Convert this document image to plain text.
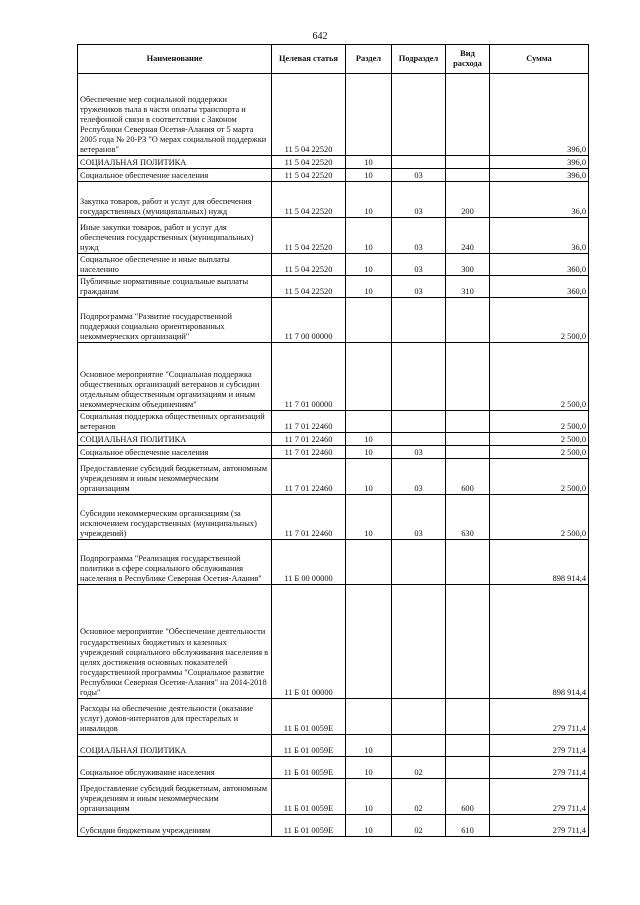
642
Наименование	Целевая статья	Раздел	Подраздел	Вид расхода	Сумма
Обеспечение мер социальной поддержки тружеников тыла в части оплаты транспорта и телефонной связи в соответствии с Законом Республики Северная Осетия-Алания от 5 марта 2005 года № 20-РЗ "О мерах социальной поддержки ветеранов"	11 5 04 22520				396,0
СОЦИАЛЬНАЯ ПОЛИТИКА	11 5 04 22520	10			396,0
Социальное обеспечение населения	11 5 04 22520	10	03		396,0
Закупка товаров, работ и услуг для обеспечения государственных (муниципальных) нужд	11 5 04 22520	10	03	200	36,0
Иные закупки товаров, работ и услуг для обеспечения государственных (муниципальных) нужд	11 5 04 22520	10	03	240	36,0
Социальное обеспечение и иные выплаты населению	11 5 04 22520	10	03	300	360,0
Публичные нормативные социальные выплаты гражданам	11 5 04 22520	10	03	310	360,0
Подпрограмма "Развитие государственной поддержки социально ориентированных некоммерческих организаций"	11 7 00 00000				2 500,0
Основное мероприятие "Социальная поддержка общественных организаций ветеранов и субсидии отдельным общественным организациям и иным некоммерческим объединениям"	11 7 01 00000				2 500,0
Социальная поддержка общественных организаций ветеранов	11 7 01 22460				2 500,0
СОЦИАЛЬНАЯ ПОЛИТИКА	11 7 01 22460	10			2 500,0
Социальное обеспечение населения	11 7 01 22460	10	03		2 500,0
Предоставление субсидий бюджетным, автономным учреждениям и иным некоммерческим организациям	11 7 01 22460	10	03	600	2 500,0
Субсидии некоммерческим организациям (за исключением государственных (муниципальных) учреждений)	11 7 01 22460	10	03	630	2 500,0
Подпрограмма "Реализация государственной политики в сфере социального обслуживания населения в Республике Северная Осетия-Алания"	11 Б 00 00000				898 914,4
Основное мероприятие "Обеспечение деятельности государственных бюджетных и казенных учреждений социального обслуживания населения в целях достижения основных показателей государственной программы "Социальное развитие Республики Северная Осетия-Алания" на 2014-2018 годы"	11 Б 01 00000				898 914,4
Расходы на обеспечение деятельности (оказание услуг) домов-интернатов для престарелых и инвалидов	11 Б 01 0059Е				279 711,4
СОЦИАЛЬНАЯ ПОЛИТИКА	11 Б 01 0059Е	10			279 711,4
Социальное обслуживание населения	11 Б 01 0059Е	10	02		279 711,4
Предоставление субсидий бюджетным, автономным учреждениям и иным некоммерческим организациям	11 Б 01 0059Е	10	02	600	279 711,4
Субсидии бюджетным учреждениям	11 Б 01 0059Е	10	02	610	279 711,4
